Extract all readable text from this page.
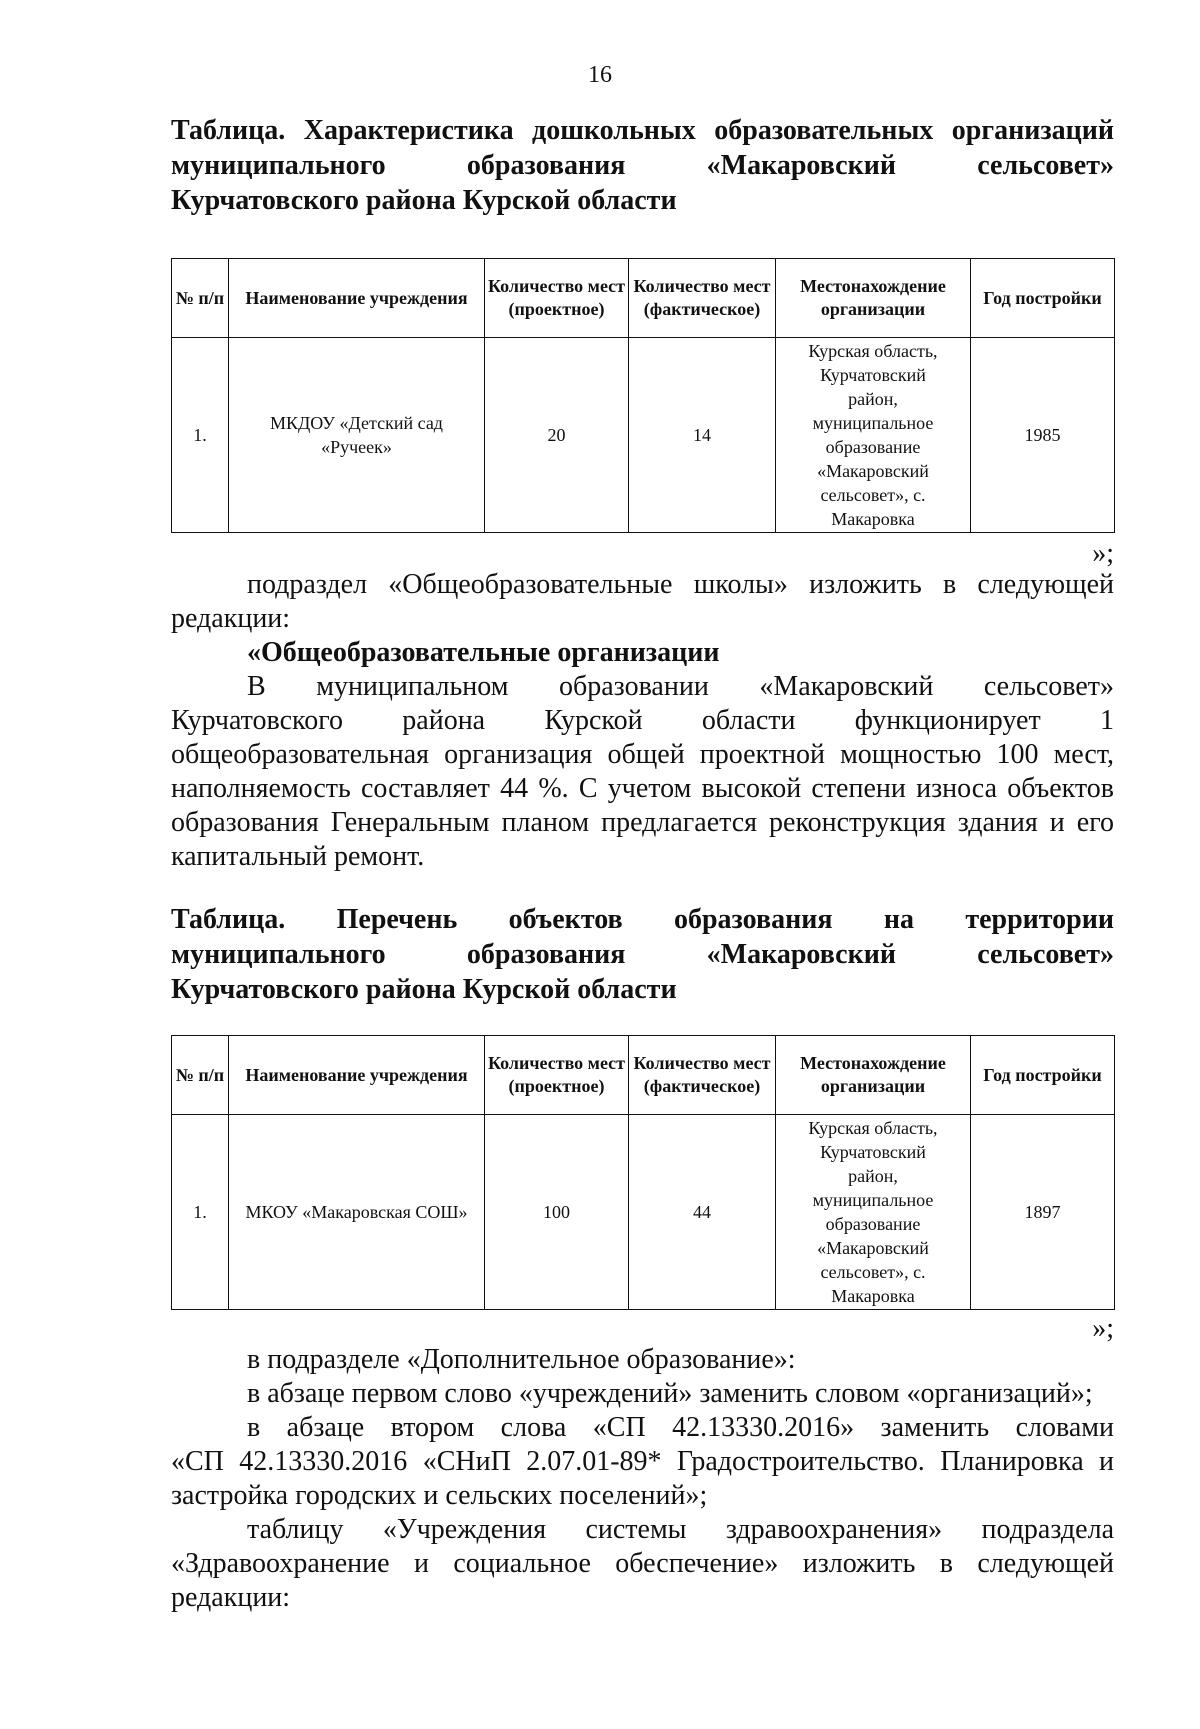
16
Таблица. Характеристика дошкольных образовательных организаций
муниципального образования «Макаровский сельсовет»
Курчатовского района Курской области
№ п/п	Наименование учреждения	Количество мест (проектное)	Количество мест (фактическое)	Местонахождение организации	Год постройки
1.	МКДОУ «Детский сад «Ручеек»	20	14	Курская область, Курчатовский район, муниципальное образование «Макаровский сельсовет», с. Макаровка	1985
»;
подраздел «Общеобразовательные школы» изложить в следующей
редакции:
«Общеобразовательные организации
В муниципальном образовании «Макаровский сельсовет»
Курчатовского района Курской области функционирует 1
общеобразовательная организация общей проектной мощностью 100 мест,
наполняемость составляет 44 %. С учетом высокой степени износа объектов
образования Генеральным планом предлагается реконструкция здания и его
капитальный ремонт.
Таблица. Перечень объектов образования на территории
муниципального образования «Макаровский сельсовет»
Курчатовского района Курской области
№ п/п	Наименование учреждения	Количество мест (проектное)	Количество мест (фактическое)	Местонахождение организации	Год постройки
1.	МКОУ «Макаровская СОШ»	100	44	Курская область, Курчатовский район, муниципальное образование «Макаровский сельсовет», с. Макаровка	1897
»;
в подразделе «Дополнительное образование»:
в абзаце первом слово «учреждений» заменить словом «организаций»;
в абзаце втором слова «СП 42.13330.2016» заменить словами
«СП 42.13330.2016 «СНиП 2.07.01-89* Градостроительство. Планировка и
застройка городских и сельских поселений»;
таблицу «Учреждения системы здравоохранения» подраздела
«Здравоохранение и социальное обеспечение» изложить в следующей
редакции:
